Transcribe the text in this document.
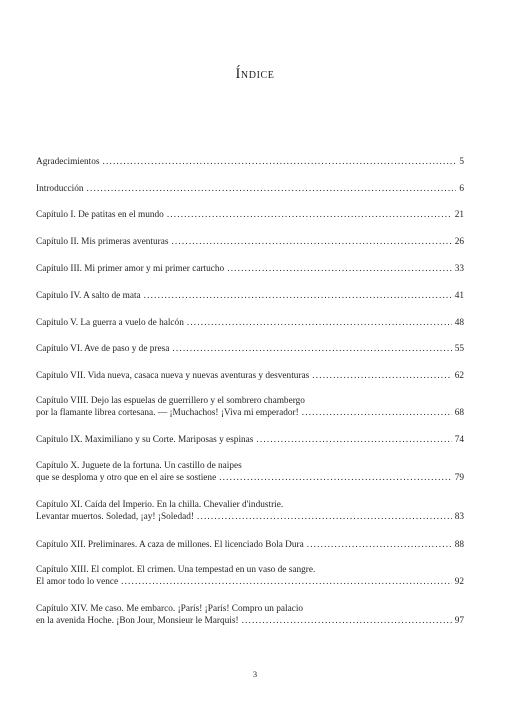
Índice
Agradecimientos .....	5
Introducción .....	6
Capítulo I. De patitas en el mundo .....	21
Capítulo II. Mis primeras aventuras .....	26
Capítulo III. Mi primer amor y mi primer cartucho .....	33
Capítulo IV. A salto de mata .....	41
Capítulo V. La guerra a vuelo de halcón .....	48
Capítulo VI. Ave de paso y de presa .....	55
Capítulo VII. Vida nueva, casaca nueva y nuevas aventuras y desventuras .....	62
Capítulo VIII. Dejo las espuelas de guerrillero y el sombrero chambergo
por la flamante librea cortesana. — ¡Muchachos! ¡Viva mi emperador! .....	68
Capítulo IX. Maximiliano y su Corte. Mariposas y espinas .....	74
Capítulo X. Juguete de la fortuna. Un castillo de naipes
que se desploma y otro que en el aire se sostiene .....	79
Capítulo XI. Caída del Imperio. En la chilla. Chevalier d'industrie.
Levantar muertos. Soledad, ¡ay! ¡Soledad! .....	83
Capítulo XII. Preliminares. A caza de millones. El licenciado Bola Dura .....	88
Capítulo XIII. El complot. El crimen. Una tempestad en un vaso de sangre.
El amor todo lo vence .....	92
Capítulo XIV. Me caso. Me embarco. ¡París! ¡París! Compro un palacio
en la avenida Hoche. ¡Bon Jour, Monsieur le Marquis! .....	97
3
